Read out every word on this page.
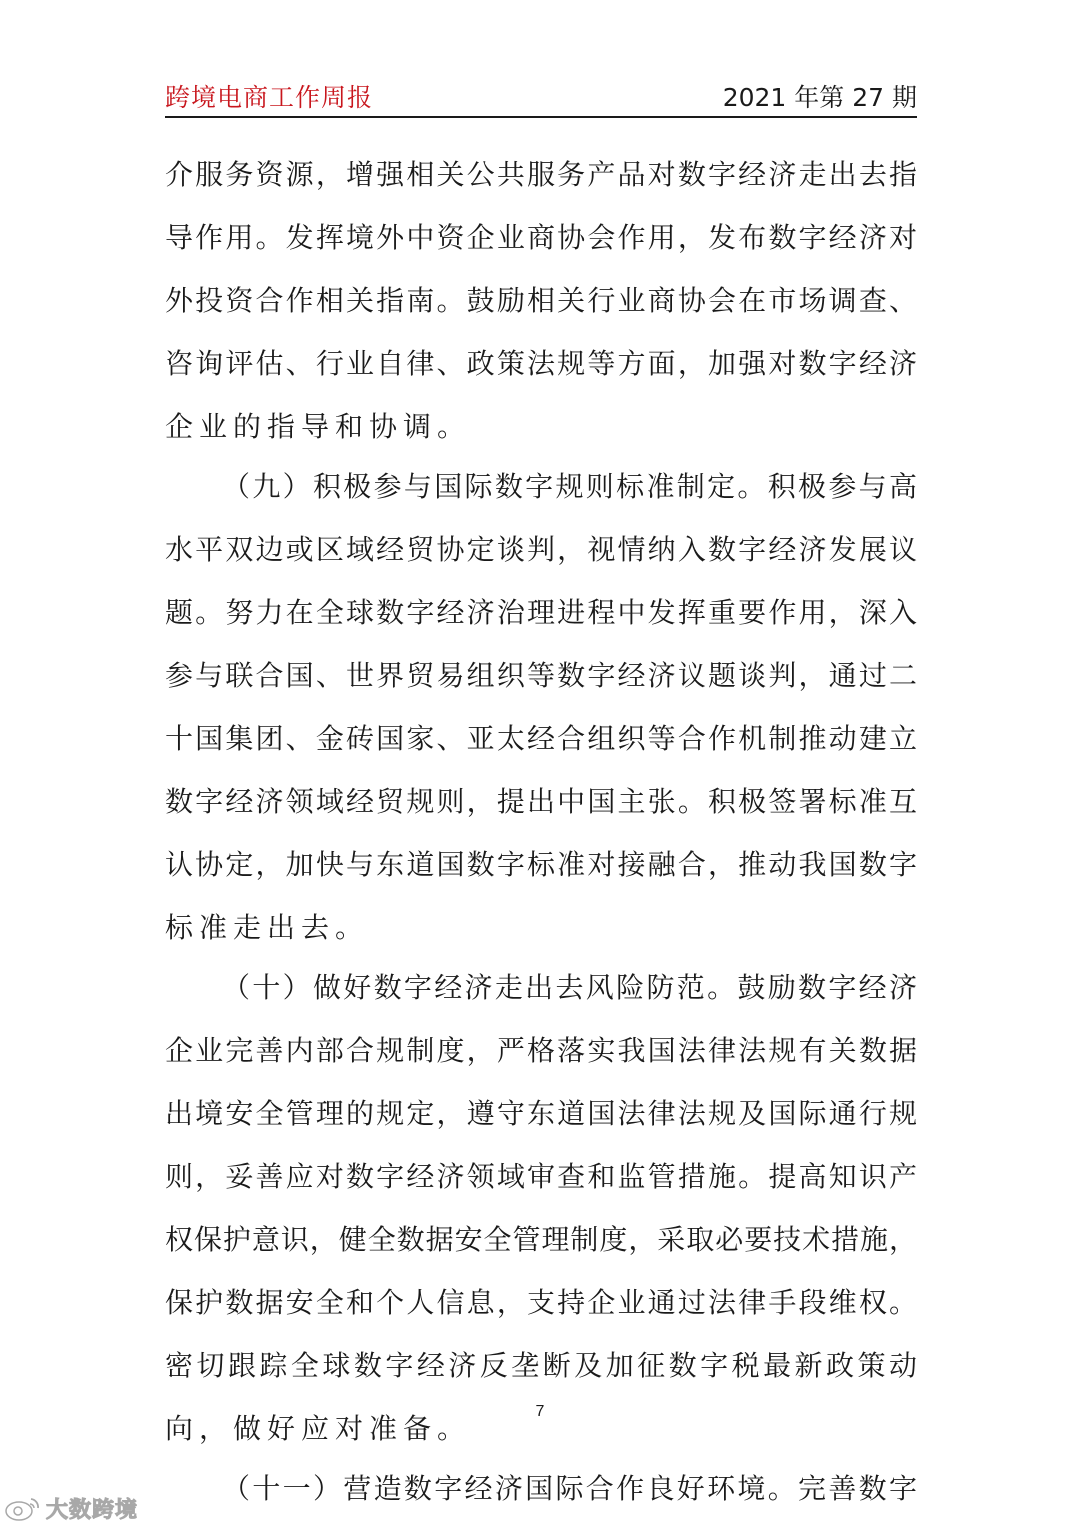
跨境电商工作周报	2021 年第 27 期
介服务资源，增强相关公共服务产品对数字经济走出去指
导作用。发挥境外中资企业商协会作用，发布数字经济对
外投资合作相关指南。鼓励相关行业商协会在市场调查、
咨询评估、行业自律、政策法规等方面，加强对数字经济
企业的指导和协调。
（九）积极参与国际数字规则标准制定。积极参与高
水平双边或区域经贸协定谈判，视情纳入数字经济发展议
题。努力在全球数字经济治理进程中发挥重要作用，深入
参与联合国、世界贸易组织等数字经济议题谈判，通过二
十国集团、金砖国家、亚太经合组织等合作机制推动建立
数字经济领域经贸规则，提出中国主张。积极签署标准互
认协定，加快与东道国数字标准对接融合，推动我国数字
标准走出去。
（十）做好数字经济走出去风险防范。鼓励数字经济
企业完善内部合规制度，严格落实我国法律法规有关数据
出境安全管理的规定，遵守东道国法律法规及国际通行规
则，妥善应对数字经济领域审查和监管措施。提高知识产
权保护意识，健全数据安全管理制度，采取必要技术措施，
保护数据安全和个人信息，支持企业通过法律手段维权。
密切跟踪全球数字经济反垄断及加征数字税最新政策动
向，做好应对准备。
（十一）营造数字经济国际合作良好环境。完善数字
7
大数跨境
